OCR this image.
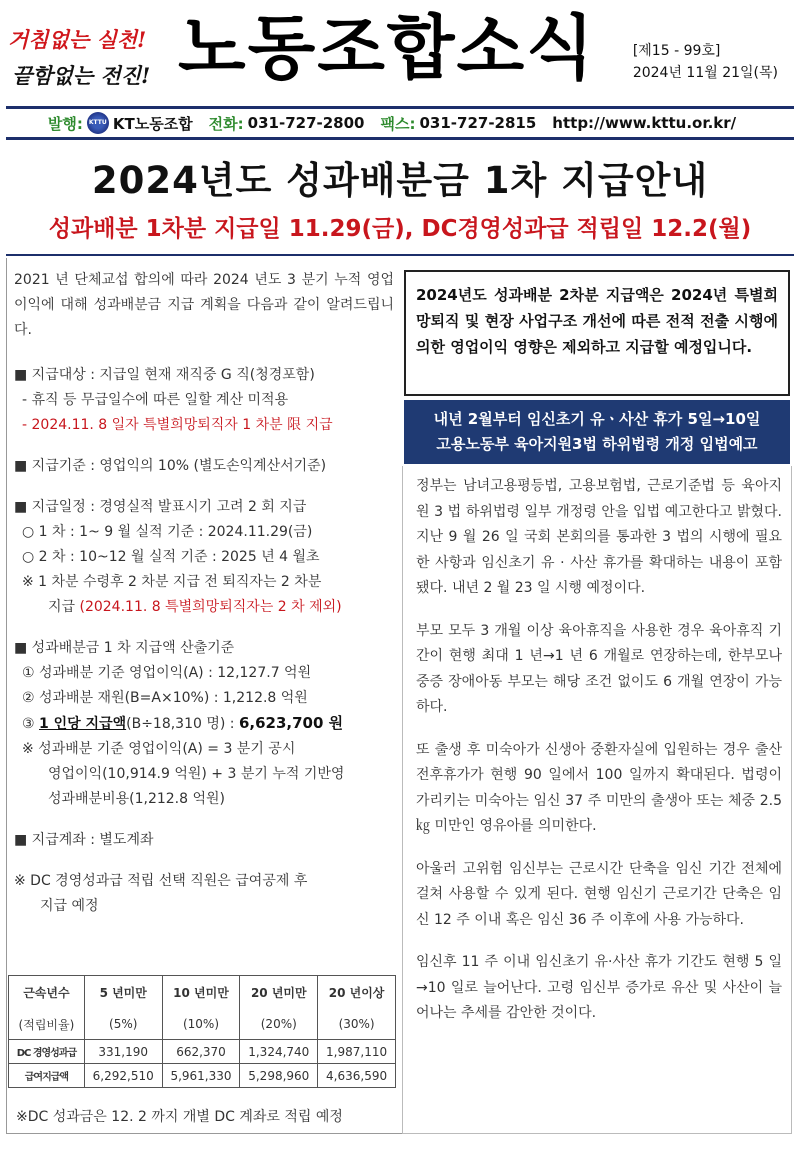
거침없는 실천!
끝함없는 전진! 노동조합소식	[제15 - 99호]
2024년 11월 21일(목)
발행:	KTTU KT노동조합 전화: 031-727-2800 팩스: 031-727-2815 http://www.kttu.or.kr/
2024년도 성과배분금 1차 지급안내
성과배분 1차분 지급일 11.29(금), DC경영성과급 적립일 12.2(월)

2021 년 단체교섭 합의에 따라 2024 년도 3 분기 누적 영업이익에 대해 성과배분금 지급 계획을 다음과 같이 알려드립니다.

■ 지급대상 : 지급일 현재 재직중 G 직(청경포함)

- 휴직 등 무급일수에 따른 일할 계산 미적용

- 2024.11. 8 일자 특별희망퇴직자 1 차분 限 지급

■ 지급기준 : 영업익의 10% (별도손익계산서기준)

■ 지급일정 : 경영실적 발표시기 고려 2 회 지급

○ 1 차 : 1~ 9 월 실적 기준 : 2024.11.29(금)

○ 2 차 : 10~12 월 실적 기준 : 2025 년 4 월초

※ 1 차분 수령후 2 차분 지급 전 퇴직자는 2 차분

지급 (2024.11. 8 특별희망퇴직자는 2 차 제외)

■ 성과배분금 1 차 지급액 산출기준

① 성과배분 기준 영업이익(A) : 12,127.7 억원

② 성과배분 재원(B=A×10%) : 1,212.8 억원

③ 1 인당 지급액(B÷18,310 명) : 6,623,700 원

※ 성과배분 기준 영업이익(A) = 3 분기 공시

영업이익(10,914.9 억원) + 3 분기 누적 기반영

성과배분비용(1,212.8 억원)

■ 지급계좌 : 별도계좌

※ DC 경영성과급 적립 선택 직원은 급여공제 후

지급 예정

근속년수	5 년미만	10 년미만	20 년미만	20 년이상
(적립비율)	(5%)	(10%)	(20%)	(30%)
DC 경영성과급	331,190	662,370	1,324,740	1,987,110
급여지급액	6,292,510	5,961,330	5,298,960	4,636,590
※DC 성과금은 12. 2 까지 개별 DC 계좌로 적립 예정
2024년도 성과배분 2차분 지급액은 2024년 특별희망퇴직 및 현장 사업구조 개선에 따른 전적 전출 시행에 의한 영업이익 영향은 제외하고 지급할 예정입니다.

내년 2월부터 임신초기 유ㆍ사산 휴가 5일→10일

고용노동부 육아지원3법 하위법령 개정 입법예고

정부는 남녀고용평등법, 고용보험법, 근로기준법 등 육아지원 3 법 하위법령 일부 개정령 안을 입법 예고한다고 밝혔다. 지난 9 월 26 일 국회 본회의를 통과한 3 법의 시행에 필요한 사항과 임신초기 유 · 사산 휴가를 확대하는 내용이 포함됐다. 내년 2 월 23 일 시행 예정이다.

부모 모두 3 개월 이상 육아휴직을 사용한 경우 육아휴직 기간이 현행 최대 1 년→1 년 6 개월로 연장하는데, 한부모나 중증 장애아동 부모는 해당 조건 없이도 6 개월 연장이 가능하다.

또 출생 후 미숙아가 신생아 중환자실에 입원하는 경우 출산전후휴가가 현행 90 일에서 100 일까지 확대된다. 법령이 가리키는 미숙아는 임신 37 주 미만의 출생아 또는 체중 2.5 ㎏ 미만인 영유아를 의미한다.

아울러 고위험 임신부는 근로시간 단축을 임신 기간 전체에 걸쳐 사용할 수 있게 된다. 현행 임신기 근로기간 단축은 임신 12 주 이내 혹은 임신 36 주 이후에 사용 가능하다.

임신후 11 주 이내 임신초기 유·사산 휴가 기간도 현행 5 일→10 일로 늘어난다. 고령 임신부 증가로 유산 및 사산이 늘어나는 추세를 감안한 것이다.
